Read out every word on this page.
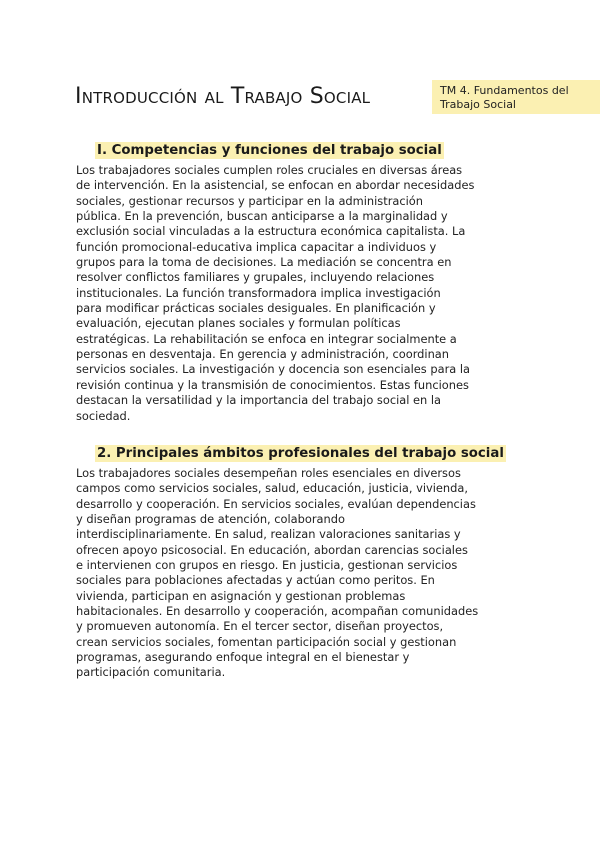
Introducción al Trabajo Social	TM 4. Fundamentos del
Trabajo Social
I. Competencias y funciones del trabajo social
Los trabajadores sociales cumplen roles cruciales en diversas áreas
de intervención. En la asistencial, se enfocan en abordar necesidades
sociales, gestionar recursos y participar en la administración
pública. En la prevención, buscan anticiparse a la marginalidad y
exclusión social vinculadas a la estructura económica capitalista. La
función promocional-educativa implica capacitar a individuos y
grupos para la toma de decisiones. La mediación se concentra en
resolver conflictos familiares y grupales, incluyendo relaciones
institucionales. La función transformadora implica investigación
para modificar prácticas sociales desiguales. En planificación y
evaluación, ejecutan planes sociales y formulan políticas
estratégicas. La rehabilitación se enfoca en integrar socialmente a
personas en desventaja. En gerencia y administración, coordinan
servicios sociales. La investigación y docencia son esenciales para la
revisión continua y la transmisión de conocimientos. Estas funciones
destacan la versatilidad y la importancia del trabajo social en la
sociedad.
2. Principales ámbitos profesionales del trabajo social
Los trabajadores sociales desempeñan roles esenciales en diversos
campos como servicios sociales, salud, educación, justicia, vivienda,
desarrollo y cooperación. En servicios sociales, evalúan dependencias
y diseñan programas de atención, colaborando
interdisciplinariamente. En salud, realizan valoraciones sanitarias y
ofrecen apoyo psicosocial. En educación, abordan carencias sociales
e intervienen con grupos en riesgo. En justicia, gestionan servicios
sociales para poblaciones afectadas y actúan como peritos. En
vivienda, participan en asignación y gestionan problemas
habitacionales. En desarrollo y cooperación, acompañan comunidades
y promueven autonomía. En el tercer sector, diseñan proyectos,
crean servicios sociales, fomentan participación social y gestionan
programas, asegurando enfoque integral en el bienestar y
participación comunitaria.
